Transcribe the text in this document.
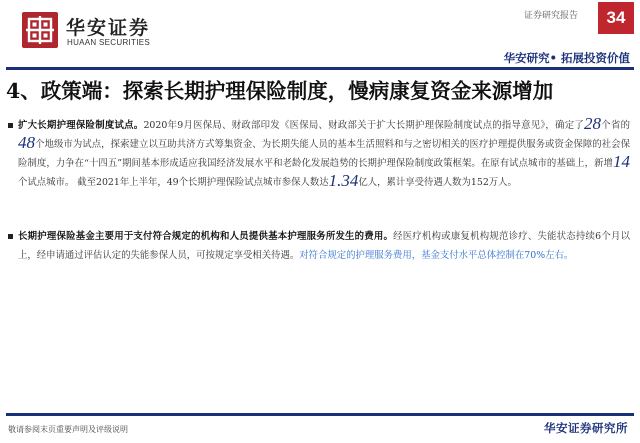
华安证券
HUAAN SECURITIES
证券研究报告	34
华安研究• 拓展投资价值
4、政策端：探索长期护理保险制度，慢病康复资金来源增加
扩大长期护理保险制度试点。2020年9月医保局、财政部印发《医保局、财政部关于扩大长期护理保险制度试点的指导意见》，确定了28个省的48个地级市为试点，探索建立以互助共济方式筹集资金、为长期失能人员的基本生活照料和与之密切相关的医疗护理提供服务或资金保障的社会保险制度，力争在“十四五”期间基本形成适应我国经济发展水平和老龄化发展趋势的长期护理保险制度政策框架。在原有试点城市的基础上，新增14个试点城市。 截至2021年上半年，49个长期护理保险试点城市参保人数达1.34亿人，累计享受待遇人数为152万人。
长期护理保险基金主要用于支付符合规定的机构和人员提供基本护理服务所发生的费用。经医疗机构或康复机构规范诊疗、失能状态持续6个月以上，经申请通过评估认定的失能参保人员，可按规定享受相关待遇。对符合规定的护理服务费用，基金支付水平总体控制在70%左右。
敬请参阅末页重要声明及评级说明	华安证券研究所
